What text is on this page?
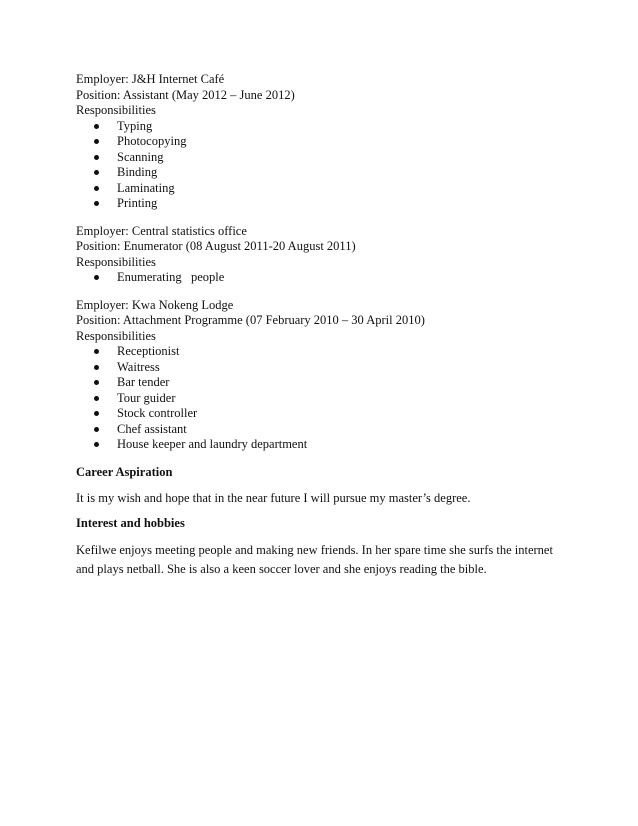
Employer: J&H Internet Café
Position: Assistant (May 2012 – June 2012)
Responsibilities
Typing
Photocopying
Scanning
Binding
Laminating
Printing
Employer: Central statistics office
Position: Enumerator (08 August 2011-20 August 2011)
Responsibilities
Enumerating   people
Employer: Kwa Nokeng Lodge
Position: Attachment Programme (07 February 2010 – 30 April 2010)
Responsibilities
Receptionist
Waitress
Bar tender
Tour guider
Stock controller
Chef assistant
House keeper and laundry department
Career Aspiration
It is my wish and hope that in the near future I will pursue my master’s degree.
Interest and hobbies
Kefilwe enjoys meeting people and making new friends. In her spare time she surfs the internet and plays netball. She is also a keen soccer lover and she enjoys reading the bible.
